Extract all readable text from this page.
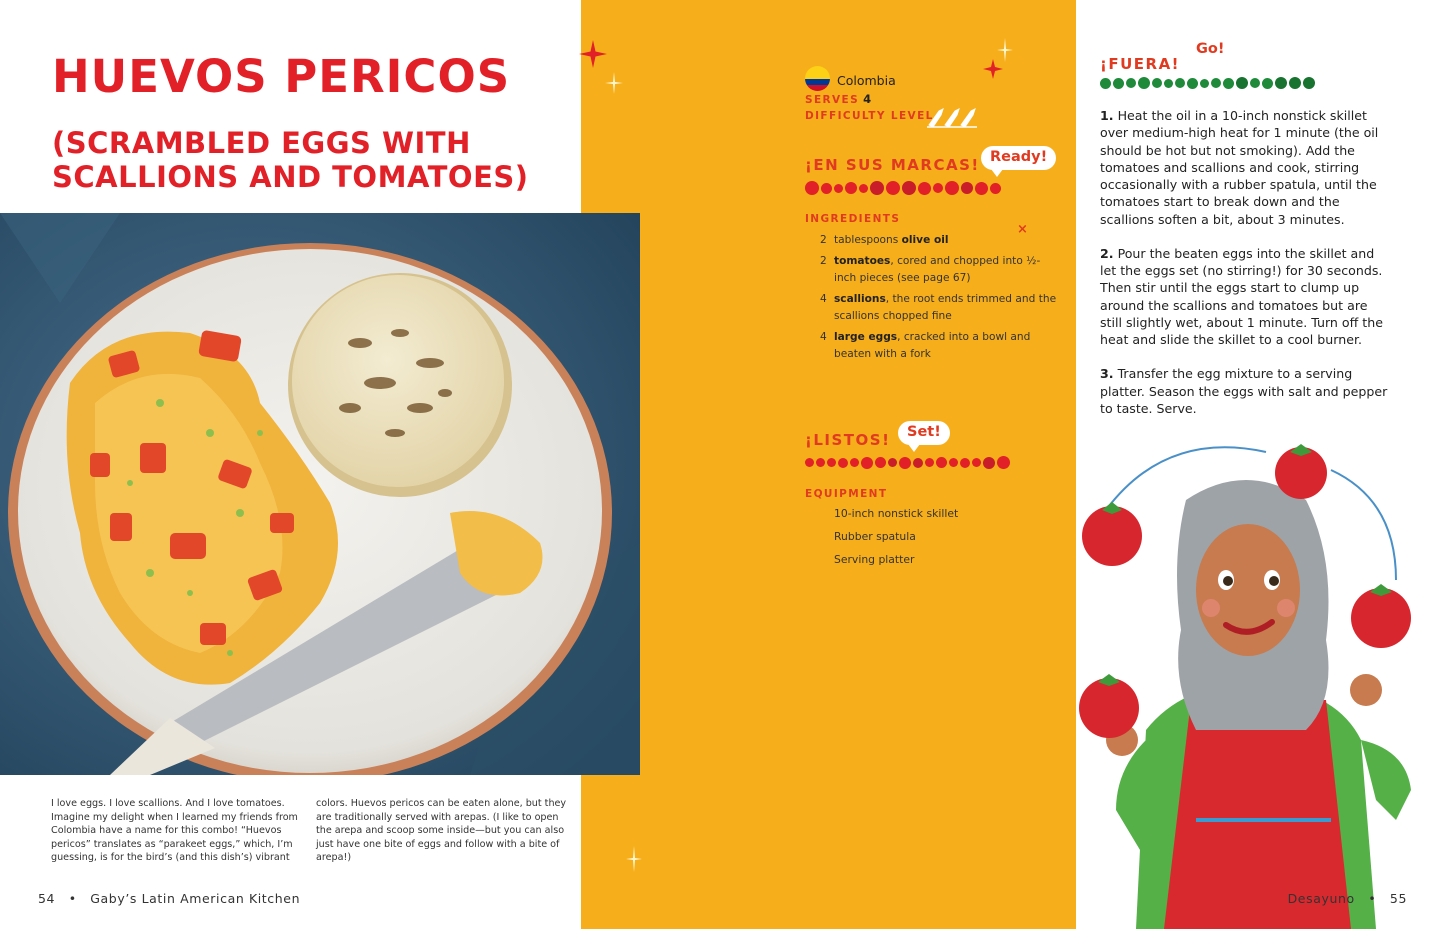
HUEVOS PERICOS
(SCRAMBLED EGGS WITH
SCALLIONS AND TOMATOES)
I love eggs. I love scallions. And I love tomatoes. Imagine my delight when I learned my friends from Colombia have a name for this combo! “Huevos pericos” translates as “parakeet eggs,” which, I’m guessing, is for the bird’s (and this dish’s) vibrant
colors. Huevos pericos can be eaten alone, but they are traditionally served with arepas. (I like to open the arepa and scoop some inside—but you can also just have one bite of eggs and follow with a bite of arepa!)
54 • Gaby’s Latin American Kitchen
Colombia
SERVES 4
DIFFICULTY LEVEL
¡EN SUS MARCAS! Ready!
INGREDIENTS
×
2 tablespoons olive oil
2 tomatoes, cored and chopped into ½-inch pieces (see page 67)
4 scallions, the root ends trimmed and the scallions chopped fine
4 large eggs, cracked into a bowl and beaten with a fork
¡LISTOS!	Set!
EQUIPMENT
10-inch nonstick skillet
Rubber spatula
Serving platter
¡FUERA!
Go!

1. Heat the oil in a 10-inch nonstick skillet over medium-high heat for 1 minute (the oil should be hot but not smoking). Add the tomatoes and scallions and cook, stirring occasionally with a rubber spatula, until the tomatoes start to break down and the scallions soften a bit, about 3 minutes.

2. Pour the beaten eggs into the skillet and let the eggs set (no stirring!) for 30 seconds. Then stir until the eggs start to clump up around the scallions and tomatoes but are still slightly wet, about 1 minute. Turn off the heat and slide the skillet to a cool burner.

3. Transfer the egg mixture to a serving platter. Season the eggs with salt and pepper to taste. Serve.

Desayuno • 55
